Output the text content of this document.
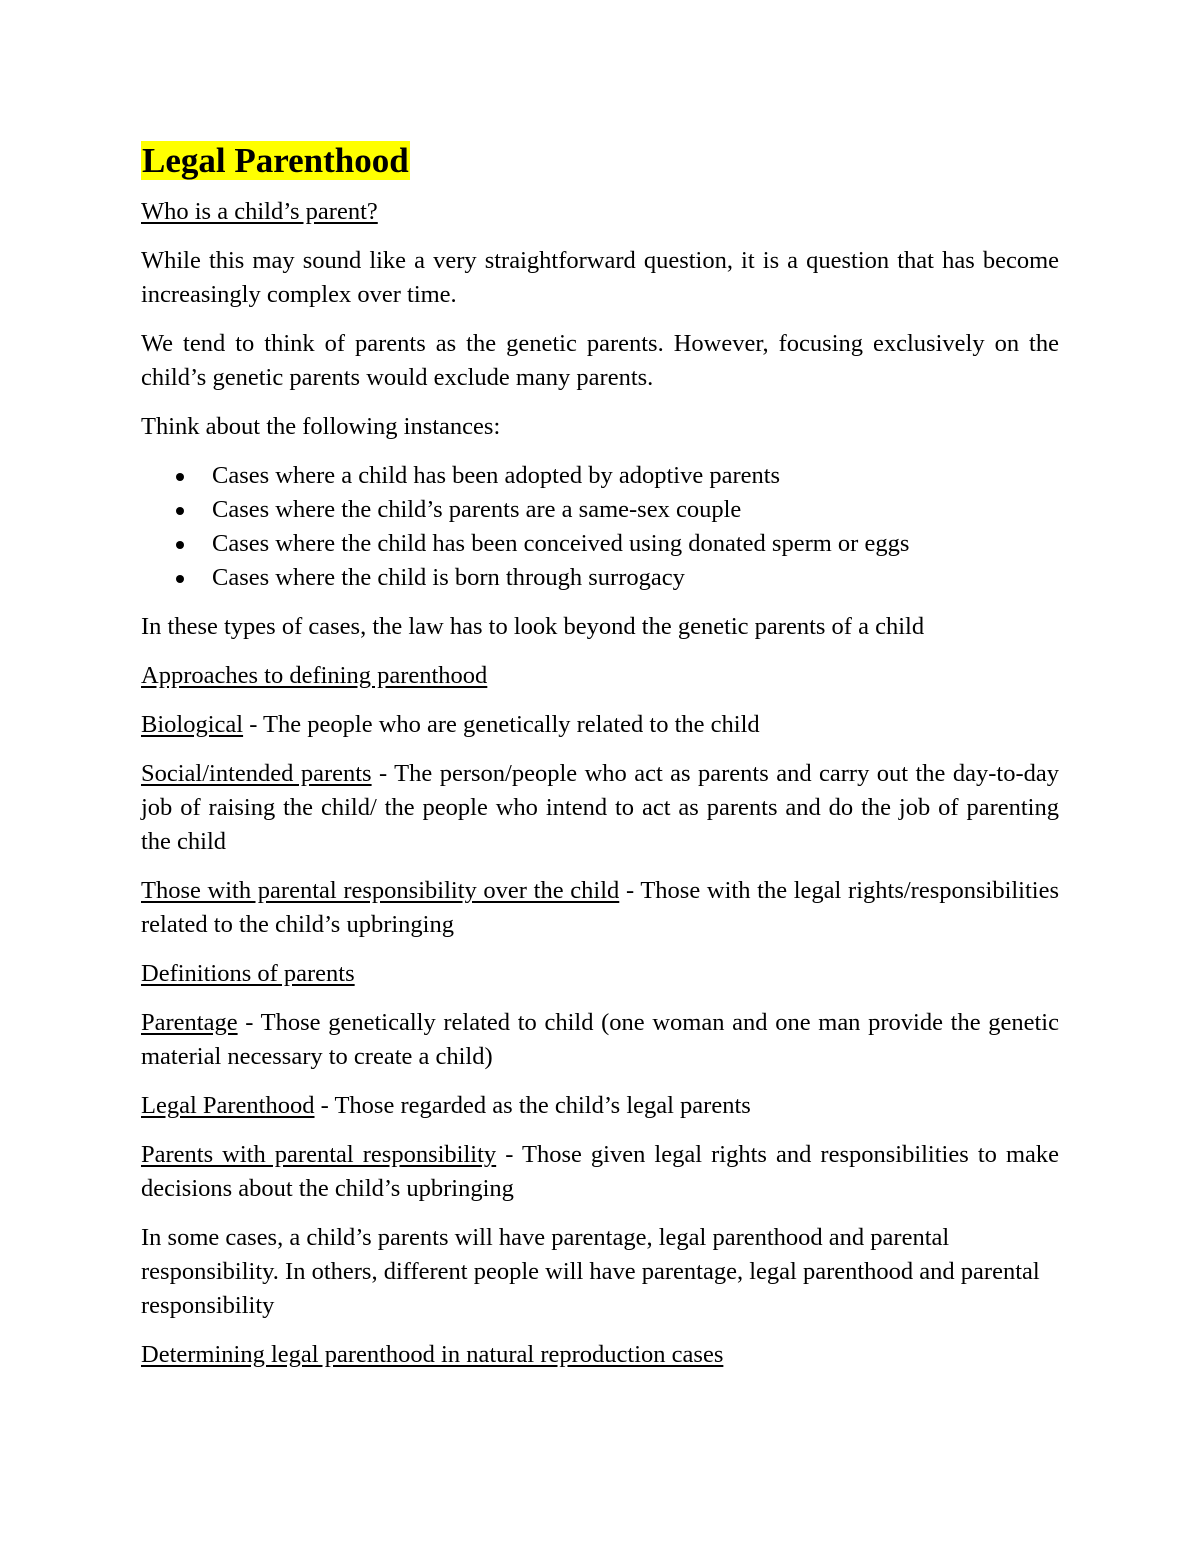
Legal Parenthood

Who is a child’s parent?

While this may sound like a very straightforward question, it is a question that has become increasingly complex over time.

We tend to think of parents as the genetic parents. However, focusing exclusively on the child’s genetic parents would exclude many parents.

Think about the following instances:

Cases where a child has been adopted by adoptive parents
Cases where the child’s parents are a same-sex couple
Cases where the child has been conceived using donated sperm or eggs
Cases where the child is born through surrogacy

In these types of cases, the law has to look beyond the genetic parents of a child

Approaches to defining parenthood

Biological - The people who are genetically related to the child

Social/intended parents - The person/people who act as parents and carry out the day-to-day job of raising the child/ the people who intend to act as parents and do the job of parenting the child

Those with parental responsibility over the child - Those with the legal rights/responsibilities related to the child’s upbringing

Definitions of parents

Parentage - Those genetically related to child (one woman and one man provide the genetic material necessary to create a child)

Legal Parenthood - Those regarded as the child’s legal parents

Parents with parental responsibility - Those given legal rights and responsibilities to make decisions about the child’s upbringing

In some cases, a child’s parents will have parentage, legal parenthood and parental responsibility. In others, different people will have parentage, legal parenthood and parental responsibility

Determining legal parenthood in natural reproduction cases
